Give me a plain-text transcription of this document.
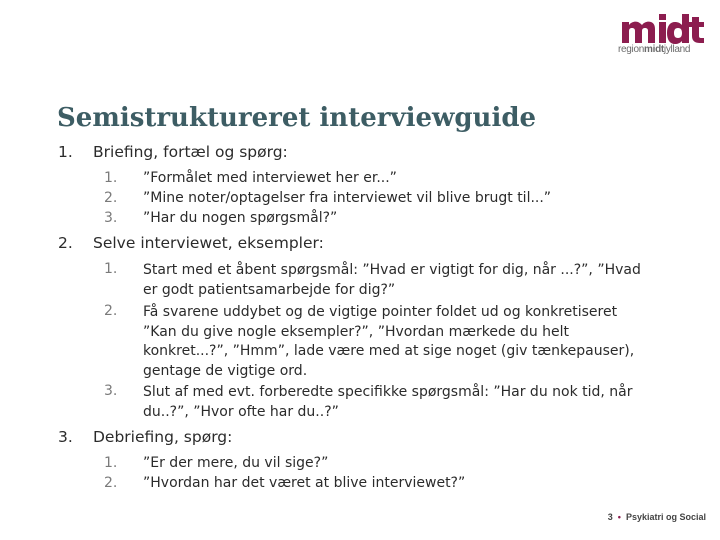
regionmidtjylland
Semistruktureret interviewguide
1. Briefing, fortæl og spørg:
1. ”Formålet med interviewet her er...”
2. ”Mine noter/optagelser fra interviewet vil blive brugt til...”
3. ”Har du nogen spørgsmål?”
2. Selve interviewet, eksempler:
1. Start med et åbent spørgsmål: ”Hvad er vigtigt for dig, når ...?”, ”Hvad er godt patientsamarbejde for dig?”
2. Få svarene uddybet og de vigtige pointer foldet ud og konkretiseret ”Kan du give nogle eksempler?”, ”Hvordan mærkede du helt konkret...?”, ”Hmm”, lade være med at sige noget (giv tænkepauser), gentage de vigtige ord.
3. Slut af med evt. forberedte specifikke spørgsmål: ”Har du nok tid, når du..?”, ”Hvor ofte har du..?”
3. Debriefing, spørg:
1. ”Er der mere, du vil sige?”
2. ”Hvordan har det været at blive interviewet?”
3 • Psykiatri og Social
